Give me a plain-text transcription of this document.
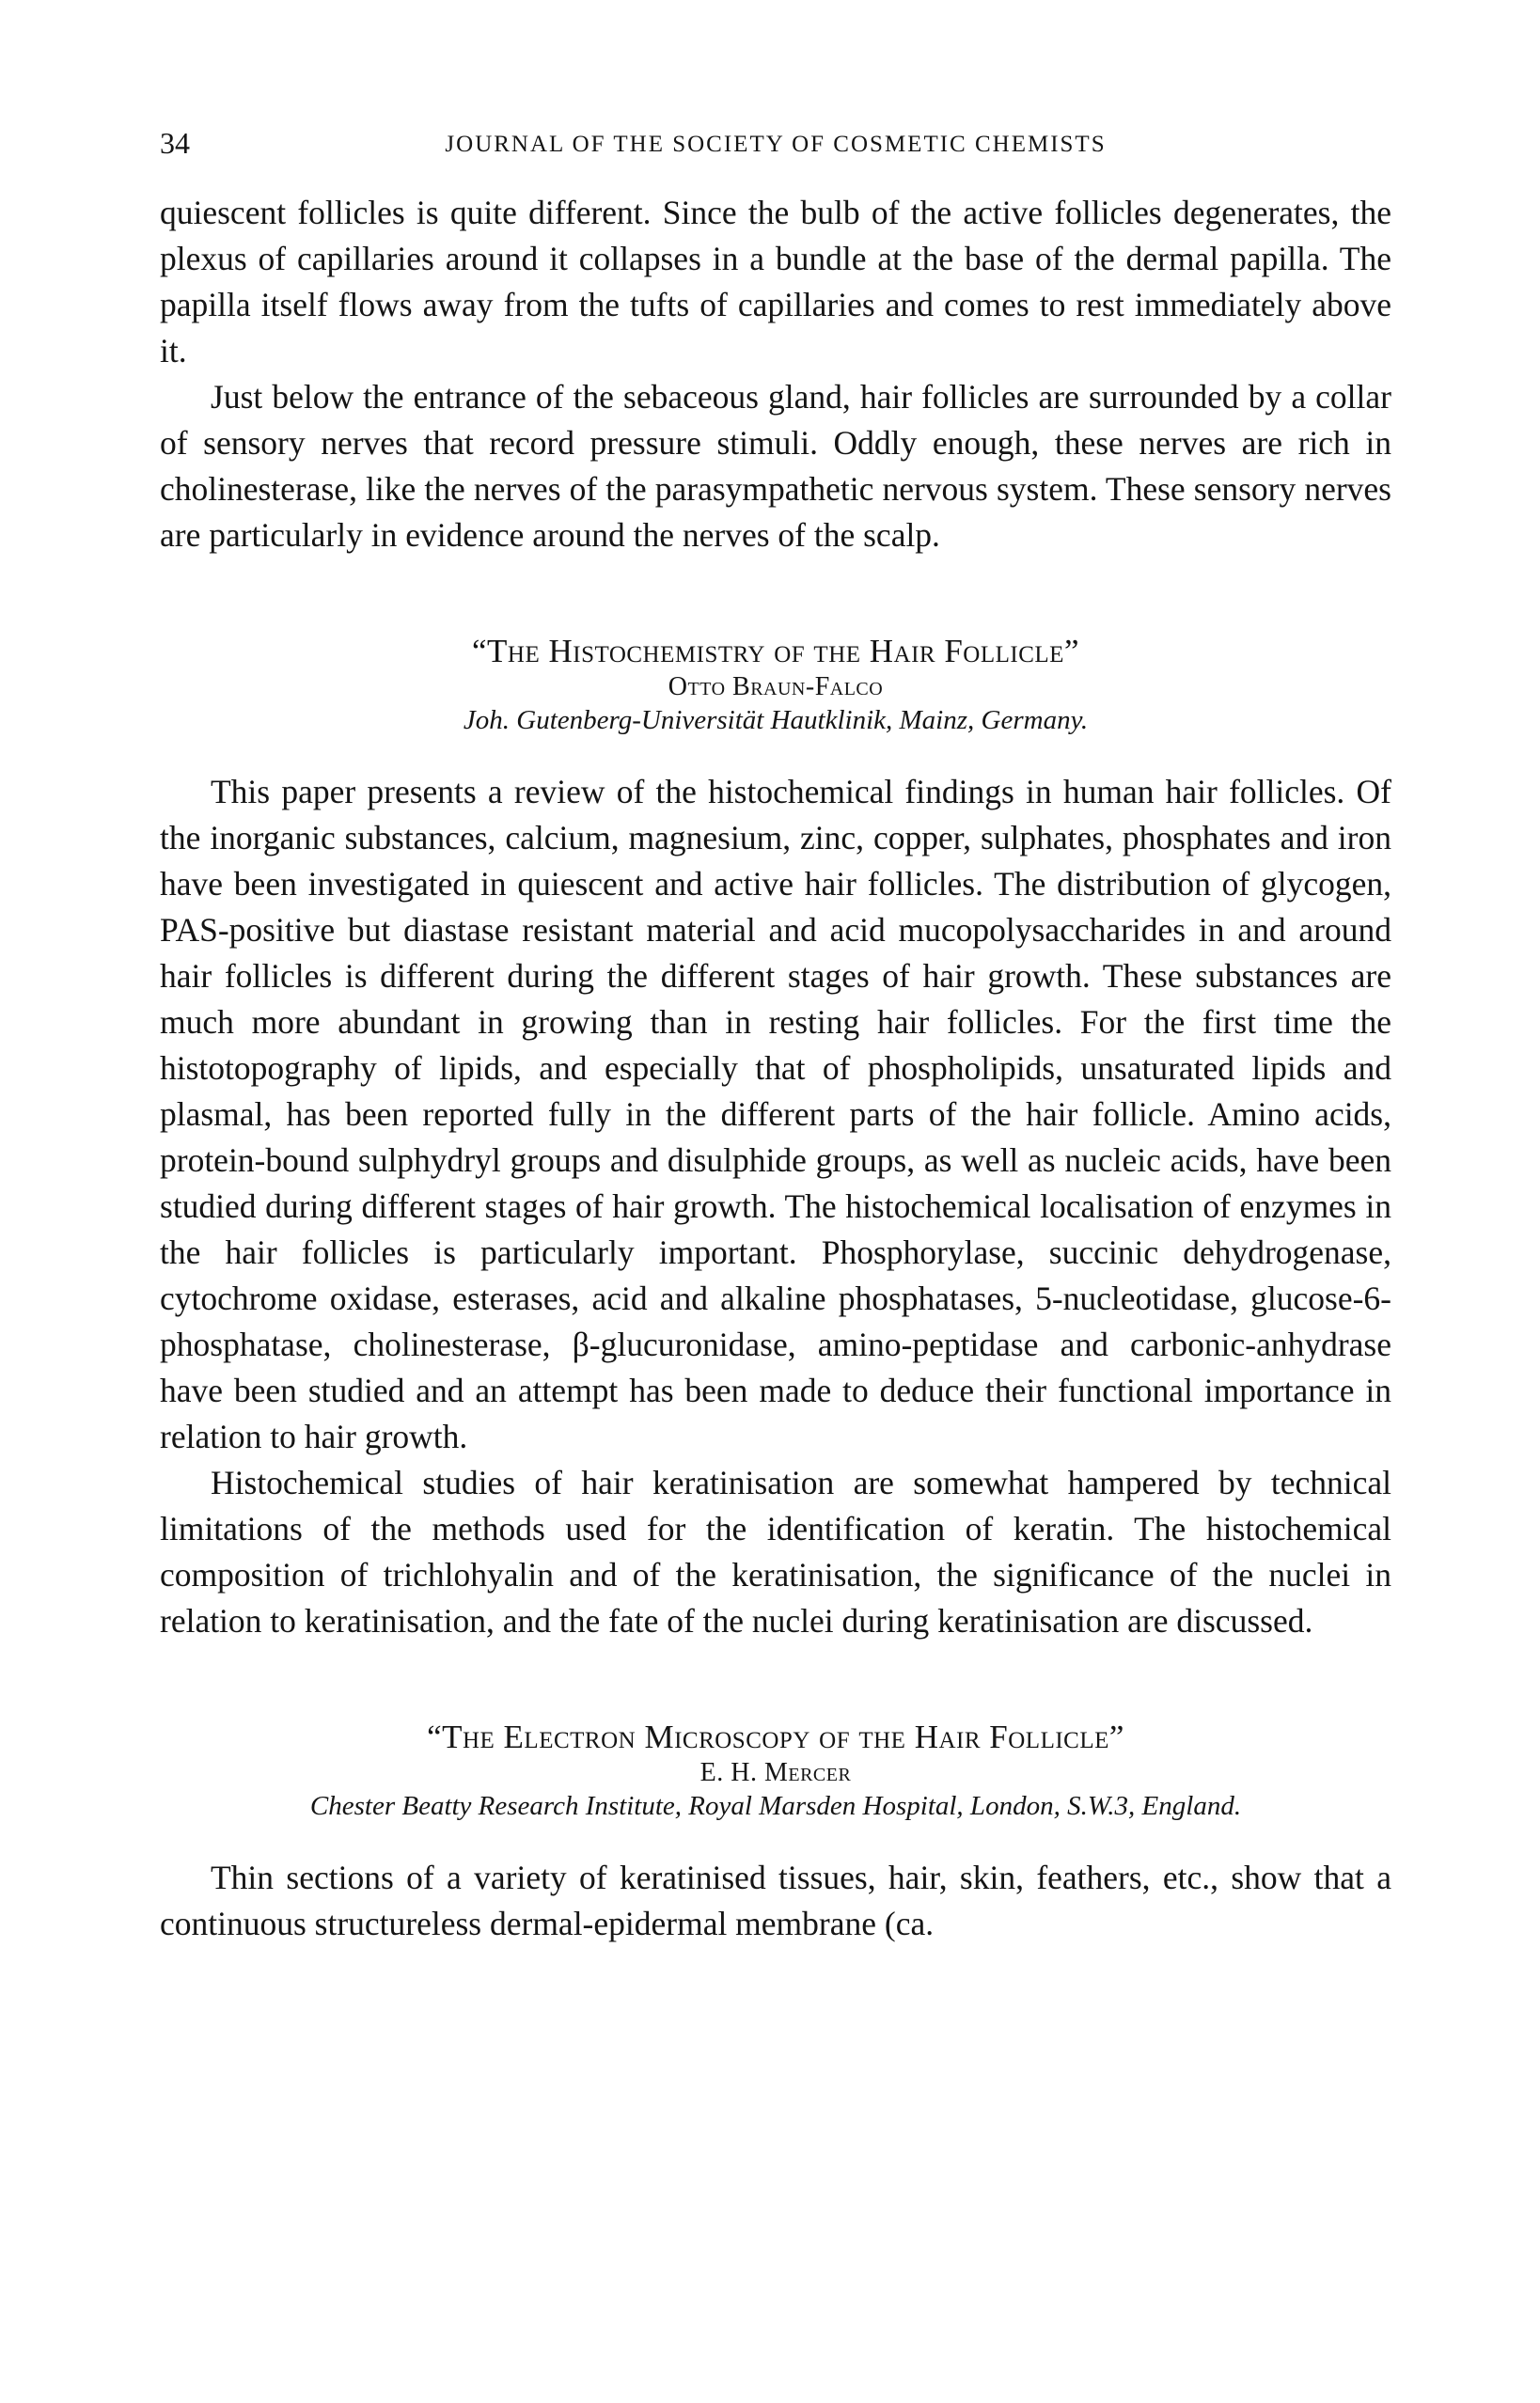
34	JOURNAL OF THE SOCIETY OF COSMETIC CHEMISTS

quiescent follicles is quite different. Since the bulb of the active follicles degenerates, the plexus of capillaries around it collapses in a bundle at the base of the dermal papilla. The papilla itself flows away from the tufts of capillaries and comes to rest immediately above it.

Just below the entrance of the sebaceous gland, hair follicles are surrounded by a collar of sensory nerves that record pressure stimuli. Oddly enough, these nerves are rich in cholinesterase, like the nerves of the parasympathetic nervous system. These sensory nerves are particularly in evidence around the nerves of the scalp.

“The Histochemistry of the Hair Follicle”
Otto Braun-Falco
Joh. Gutenberg-Universität Hautklinik, Mainz, Germany.

This paper presents a review of the histochemical findings in human hair follicles. Of the inorganic substances, calcium, magnesium, zinc, copper, sulphates, phosphates and iron have been investigated in quiescent and active hair follicles. The distribution of glycogen, PAS-positive but diastase resistant material and acid mucopolysaccharides in and around hair follicles is different during the different stages of hair growth. These substances are much more abundant in growing than in resting hair follicles. For the first time the histotopography of lipids, and especially that of phospholipids, unsaturated lipids and plasmal, has been reported fully in the different parts of the hair follicle. Amino acids, protein-bound sulphydryl groups and disulphide groups, as well as nucleic acids, have been studied during different stages of hair growth. The histochemical localisation of enzymes in the hair follicles is particularly important. Phosphorylase, succinic dehydrogenase, cytochrome oxidase, esterases, acid and alkaline phosphatases, 5-nucleotidase, glucose-6-phosphatase, cholinesterase, β-glucuronidase, amino-peptidase and carbonic-anhydrase have been studied and an attempt has been made to deduce their functional importance in relation to hair growth.

Histochemical studies of hair keratinisation are somewhat hampered by technical limitations of the methods used for the identification of keratin. The histochemical composition of trichlohyalin and of the keratinisation, the significance of the nuclei in relation to keratinisation, and the fate of the nuclei during keratinisation are discussed.

“The Electron Microscopy of the Hair Follicle”
E. H. Mercer
Chester Beatty Research Institute, Royal Marsden Hospital, London, S.W.3, England.

Thin sections of a variety of keratinised tissues, hair, skin, feathers, etc., show that a continuous structureless dermal-epidermal membrane (ca.
